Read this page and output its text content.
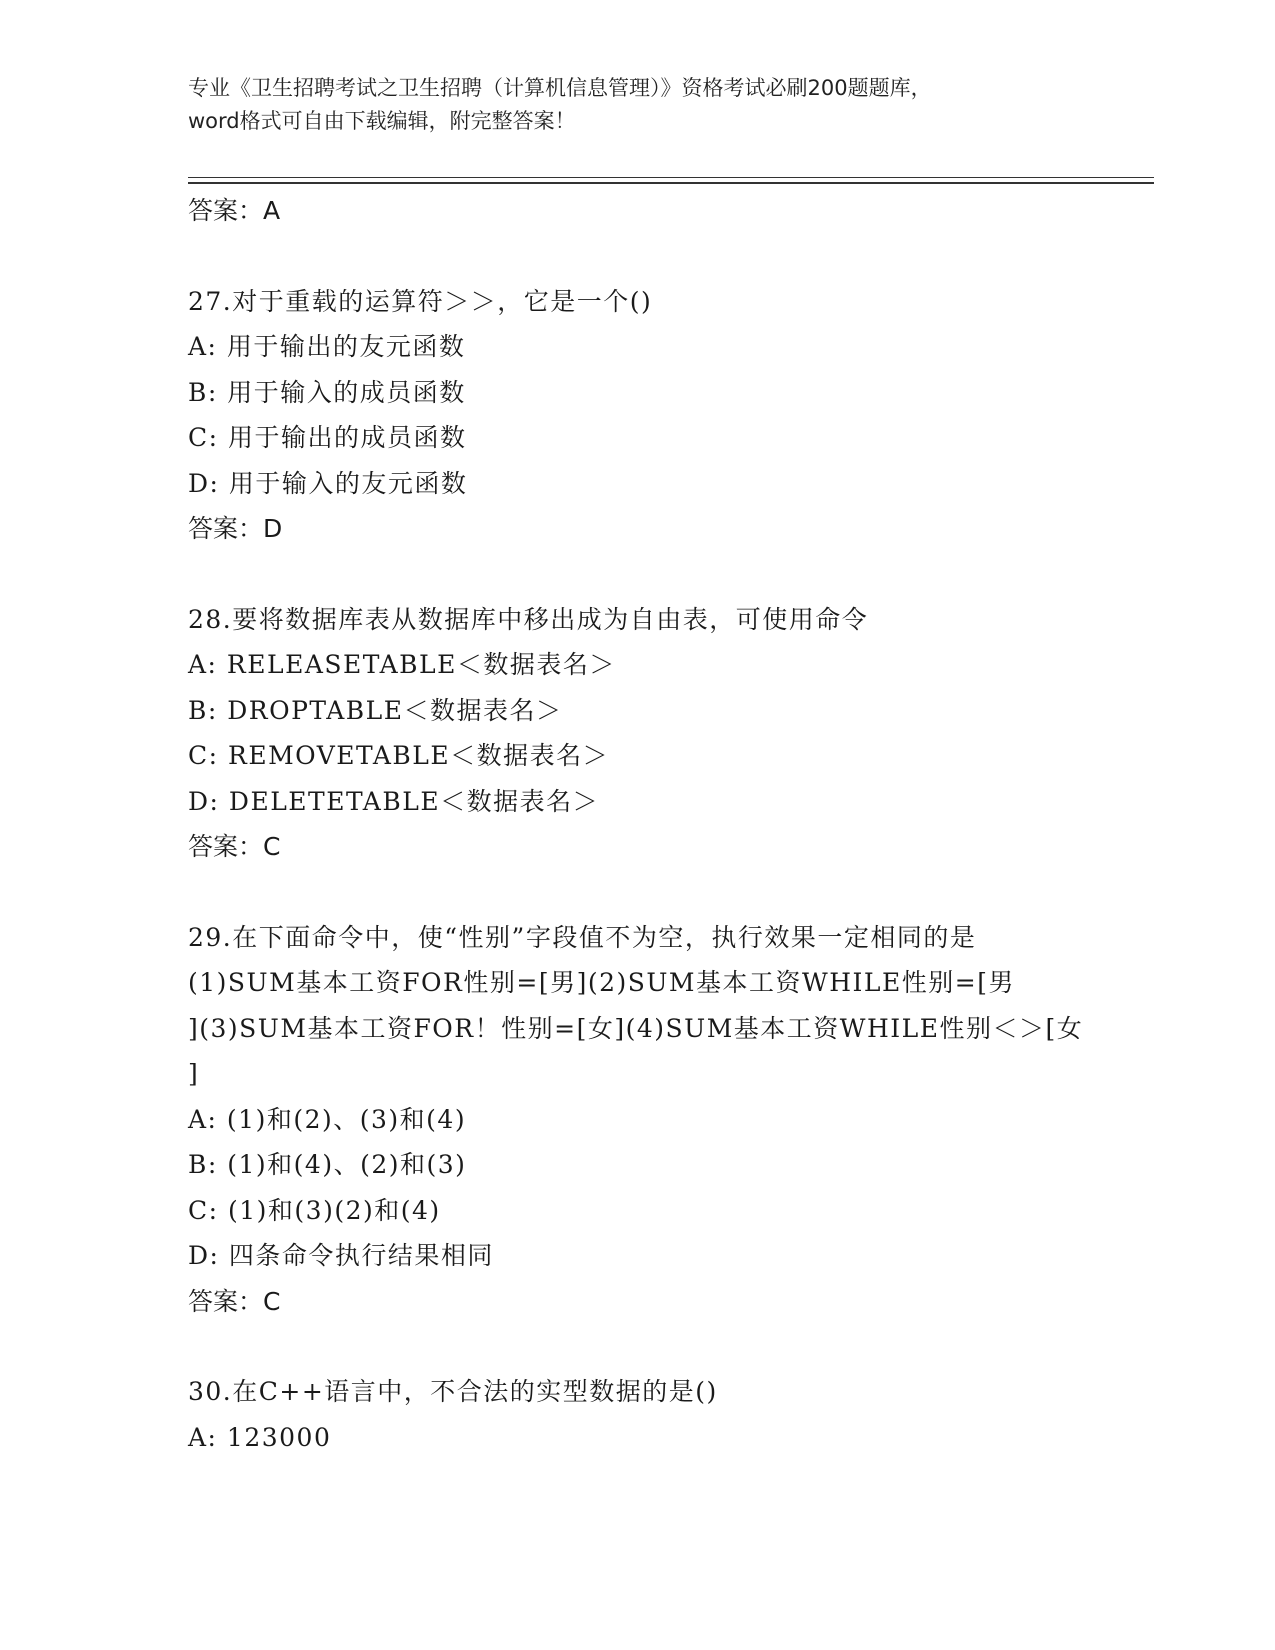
专业《卫生招聘考试之卫生招聘（计算机信息管理）》资格考试必刷200题题库，
word格式可自由下载编辑，附完整答案！
答案：A
27.对于重载的运算符＞＞，它是一个()
A: 用于输出的友元函数
B: 用于输入的成员函数
C: 用于输出的成员函数
D: 用于输入的友元函数
答案：D
28.要将数据库表从数据库中移出成为自由表，可使用命令
A: RELEASETABLE＜数据表名＞
B: DROPTABLE＜数据表名＞
C: REMOVETABLE＜数据表名＞
D: DELETETABLE＜数据表名＞
答案：C
29.在下面命令中，使“性别”字段值不为空，执行效果一定相同的是
(1)SUM基本工资FOR性别=[男](2)SUM基本工资WHILE性别=[男
](3)SUM基本工资FOR！性别=[女](4)SUM基本工资WHILE性别＜＞[女
]
A: (1)和(2)、(3)和(4)
B: (1)和(4)、(2)和(3)
C: (1)和(3)(2)和(4)
D: 四条命令执行结果相同
答案：C
30.在C++语言中，不合法的实型数据的是()
A: 123000
